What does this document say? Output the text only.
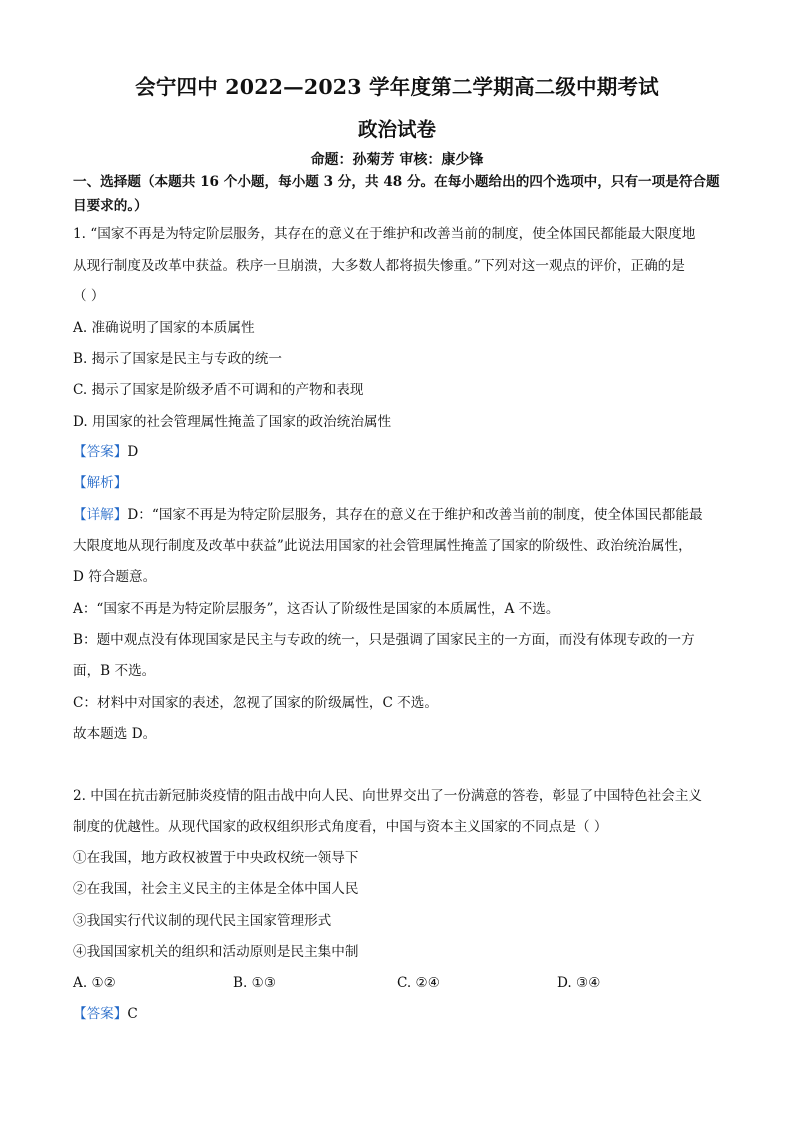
会宁四中 2022—2023 学年度第二学期高二级中期考试
政治试卷
命题：孙菊芳 审核：康少锋
一、选择题（本题共 16 个小题，每小题 3 分，共 48 分。在每小题给出的四个选项中，只有一项是符合题
目要求的。）
1. “国家不再是为特定阶层服务，其存在的意义在于维护和改善当前的制度，使全体国民都能最大限度地
从现行制度及改革中获益。秩序一旦崩溃，大多数人都将损失惨重。”下列对这一观点的评价，正确的是
（ ）
A. 准确说明了国家的本质属性
B. 揭示了国家是民主与专政的统一
C. 揭示了国家是阶级矛盾不可调和的产物和表现
D. 用国家的社会管理属性掩盖了国家的政治统治属性
【答案】D
【解析】
【详解】D：“国家不再是为特定阶层服务，其存在的意义在于维护和改善当前的制度，使全体国民都能最
大限度地从现行制度及改革中获益”此说法用国家的社会管理属性掩盖了国家的阶级性、政治统治属性，
D 符合题意。
A：“国家不再是为特定阶层服务”，这否认了阶级性是国家的本质属性，A 不选。
B：题中观点没有体现国家是民主与专政的统一，只是强调了国家民主的一方面，而没有体现专政的一方
面，B 不选。
C：材料中对国家的表述，忽视了国家的阶级属性，C 不选。
故本题选 D。
2. 中国在抗击新冠肺炎疫情的阻击战中向人民、向世界交出了一份满意的答卷，彰显了中国特色社会主义
制度的优越性。从现代国家的政权组织形式角度看，中国与资本主义国家的不同点是（ ）
①在我国，地方政权被置于中央政权统一领导下
②在我国，社会主义民主的主体是全体中国人民
③我国实行代议制的现代民主国家管理形式
④我国国家机关的组织和活动原则是民主集中制
A. ①②	B. ①③	C. ②④	D. ③④
【答案】C
